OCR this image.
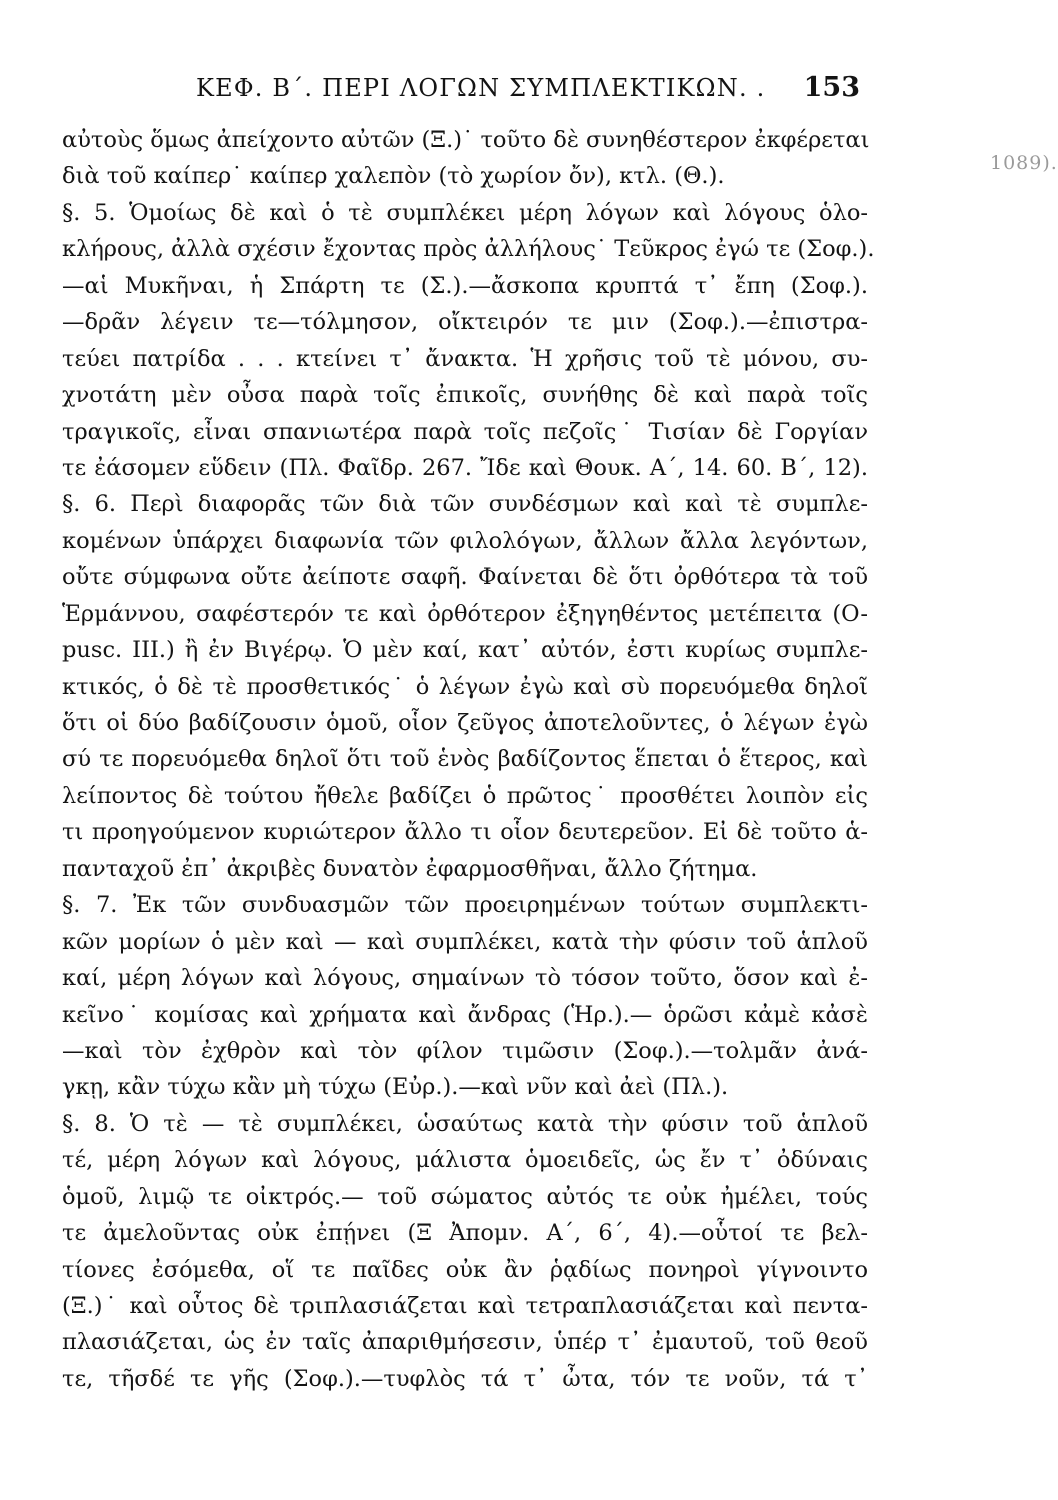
1089).
ΚΕΦ. Β΄. ΠΕΡΙ ΛΟΓΩΝ ΣΥΜΠΛΕΚΤΙΚΩΝ. . 153
αὐτοὺς ὅμως ἀπείχοντο αὐτῶν (Ξ.)˙ τοῦτο δὲ συνηθέστερον ἐκφέρεται
διὰ τοῦ καίπερ˙ καίπερ χαλεπὸν (τὸ χωρίον ὄν), κτλ. (Θ.).
§. 5. Ὁμοίως δὲ καὶ ὁ τὲ συμπλέκει μέρη λόγων καὶ λόγους ὁλο-
κλήρους, ἀλλὰ σχέσιν ἔχοντας πρὸς ἀλλήλους˙ Τεῦκρος ἐγώ τε (Σοφ.).
—αἱ Μυκῆναι, ἡ Σπάρτη τε (Σ.).—ἄσκοπα κρυπτά τ᾽ ἔπη (Σοφ.).
—δρᾶν λέγειν τε—τόλμησον, οἴκτειρόν τε μιν (Σοφ.).—ἐπιστρα-
τεύει πατρίδα . . . κτείνει τ᾽ ἄνακτα. Ἡ χρῆσις τοῦ τὲ μόνου, συ-
χνοτάτη μὲν οὖσα παρὰ τοῖς ἐπικοῖς, συνήθης δὲ καὶ παρὰ τοῖς
τραγικοῖς, εἶναι σπανιωτέρα παρὰ τοῖς πεζοῖς˙ Τισίαν δὲ Γοργίαν
τε ἐάσομεν εὕδειν (Πλ. Φαῖδρ. 267. Ἴδε καὶ Θουκ. Α΄, 14. 60. Β΄, 12).
§. 6. Περὶ διαφορᾶς τῶν διὰ τῶν συνδέσμων καὶ καὶ τὲ συμπλε-
κομένων ὑπάρχει διαφωνία τῶν φιλολόγων, ἄλλων ἄλλα λεγόντων,
οὔτε σύμφωνα οὔτε ἀείποτε σαφῆ. Φαίνεται δὲ ὅτι ὀρθότερα τὰ τοῦ
Ἑρμάννου, σαφέστερόν τε καὶ ὀρθότερον ἐξηγηθέντος μετέπειτα (O-
pusc. III.) ἢ ἐν Βιγέρῳ. Ὁ μὲν καί, κατ᾽ αὐτόν, ἐστι κυρίως συμπλε-
κτικός, ὁ δὲ τὲ προσθετικός˙ ὁ λέγων ἐγὼ καὶ σὺ πορευόμεθα δηλοῖ
ὅτι οἱ δύο βαδίζουσιν ὁμοῦ, οἷον ζεῦγος ἀποτελοῦντες, ὁ λέγων ἐγὼ
σύ τε πορευόμεθα δηλοῖ ὅτι τοῦ ἑνὸς βαδίζοντος ἕπεται ὁ ἕτερος, καὶ
λείποντος δὲ τούτου ἤθελε βαδίζει ὁ πρῶτος˙ προσθέτει λοιπὸν εἰς
τι προηγούμενον κυριώτερον ἄλλο τι οἷον δευτερεῦον. Εἰ δὲ τοῦτο ἁ-
πανταχοῦ ἐπ᾽ ἀκριβὲς δυνατὸν ἐφαρμοσθῆναι, ἄλλο ζήτημα.
§. 7. Ἐκ τῶν συνδυασμῶν τῶν προειρημένων τούτων συμπλεκτι-
κῶν μορίων ὁ μὲν καὶ — καὶ συμπλέκει, κατὰ τὴν φύσιν τοῦ ἁπλοῦ
καί, μέρη λόγων καὶ λόγους, σημαίνων τὸ τόσον τοῦτο, ὅσον καὶ ἐ-
κεῖνο˙ κομίσας καὶ χρήματα καὶ ἄνδρας (Ἡρ.).— ὁρῶσι κἀμὲ κἀσὲ
—καὶ τὸν ἐχθρὸν καὶ τὸν φίλον τιμῶσιν (Σοφ.).—τολμᾶν ἀνά-
γκῃ, κἂν τύχω κἂν μὴ τύχω (Εὐρ.).—καὶ νῦν καὶ ἀεὶ (Πλ.).
§. 8. Ὁ τὲ — τὲ συμπλέκει, ὡσαύτως κατὰ τὴν φύσιν τοῦ ἁπλοῦ
τέ, μέρη λόγων καὶ λόγους, μάλιστα ὁμοειδεῖς, ὡς ἔν τ᾽ ὀδύναις
ὁμοῦ, λιμῷ τε οἰκτρός.— τοῦ σώματος αὐτός τε οὐκ ἠμέλει, τούς
τε ἀμελοῦντας οὐκ ἐπῄνει (Ξ Ἀπομν. Α΄, 6΄, 4).—οὗτοί τε βελ-
τίονες ἐσόμεθα, οἵ τε παῖδες οὐκ ἂν ῥᾳδίως πονηροὶ γίγνοιντο
(Ξ.)˙ καὶ οὗτος δὲ τριπλασιάζεται καὶ τετραπλασιάζεται καὶ πεντα-
πλασιάζεται, ὡς ἐν ταῖς ἀπαριθμήσεσιν, ὑπέρ τ᾽ ἐμαυτοῦ, τοῦ θεοῦ
τε, τῆσδέ τε γῆς (Σοφ.).—τυφλὸς τά τ᾽ ὦτα, τόν τε νοῦν, τά τ᾽
